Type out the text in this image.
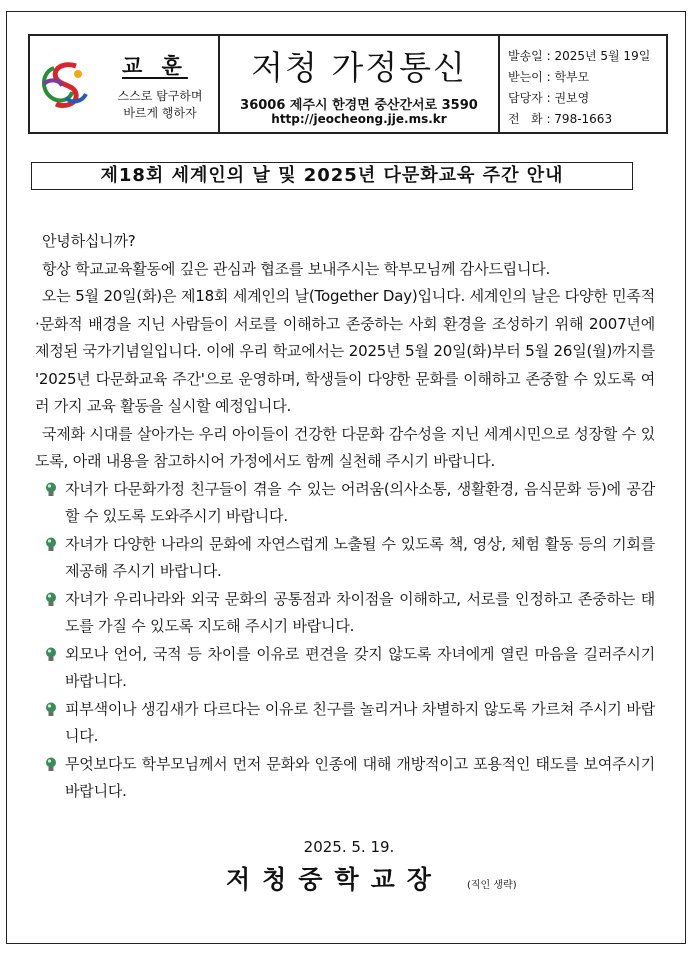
교 훈
스스로 탐구하며
바르게 행하자
저청 가정통신
36006 제주시 한경면 중산간서로 3590
http://jeocheong.jje.ms.kr
발송일 : 2025년 5월 19일
받는이 : 학부모
담당자 : 권보영
전   화 : 798-1663
제18회 세계인의 날 및 2025년 다문화교육 주간 안내

안녕하십니까?

항상 학교교육활동에 깊은 관심과 협조를 보내주시는 학부모님께 감사드립니다.

오는 5월 20일(화)은 제18회 세계인의 날(Together Day)입니다. 세계인의 날은 다양한 민족적·문화적 배경을 지닌 사람들이 서로를 이해하고 존중하는 사회 환경을 조성하기 위해 2007년에 제정된 국가기념일입니다. 이에 우리 학교에서는 2025년 5월 20일(화)부터 5월 26일(월)까지를 '2025년 다문화교육 주간'으로 운영하며, 학생들이 다양한 문화를 이해하고 존중할 수 있도록 여러 가지 교육 활동을 실시할 예정입니다.

국제화 시대를 살아가는 우리 아이들이 건강한 다문화 감수성을 지닌 세계시민으로 성장할 수 있도록, 아래 내용을 참고하시어 가정에서도 함께 실천해 주시기 바랍니다.

자녀가 다문화가정 친구들이 겪을 수 있는 어려움(의사소통, 생활환경, 음식문화 등)에 공감할 수 있도록 도와주시기 바랍니다.
자녀가 다양한 나라의 문화에 자연스럽게 노출될 수 있도록 책, 영상, 체험 활동 등의 기회를 제공해 주시기 바랍니다.
자녀가 우리나라와 외국 문화의 공통점과 차이점을 이해하고, 서로를 인정하고 존중하는 태도를 가질 수 있도록 지도해 주시기 바랍니다.
외모나 언어, 국적 등 차이를 이유로 편견을 갖지 않도록 자녀에게 열린 마음을 길러주시기 바랍니다.
피부색이나 생김새가 다르다는 이유로 친구를 놀리거나 차별하지 않도록 가르쳐 주시기 바랍니다.
무엇보다도 학부모님께서 먼저 문화와 인종에 대해 개방적이고 포용적인 태도를 보여주시기 바랍니다.
2025. 5. 19.
저청중학교장 (직인 생략)
